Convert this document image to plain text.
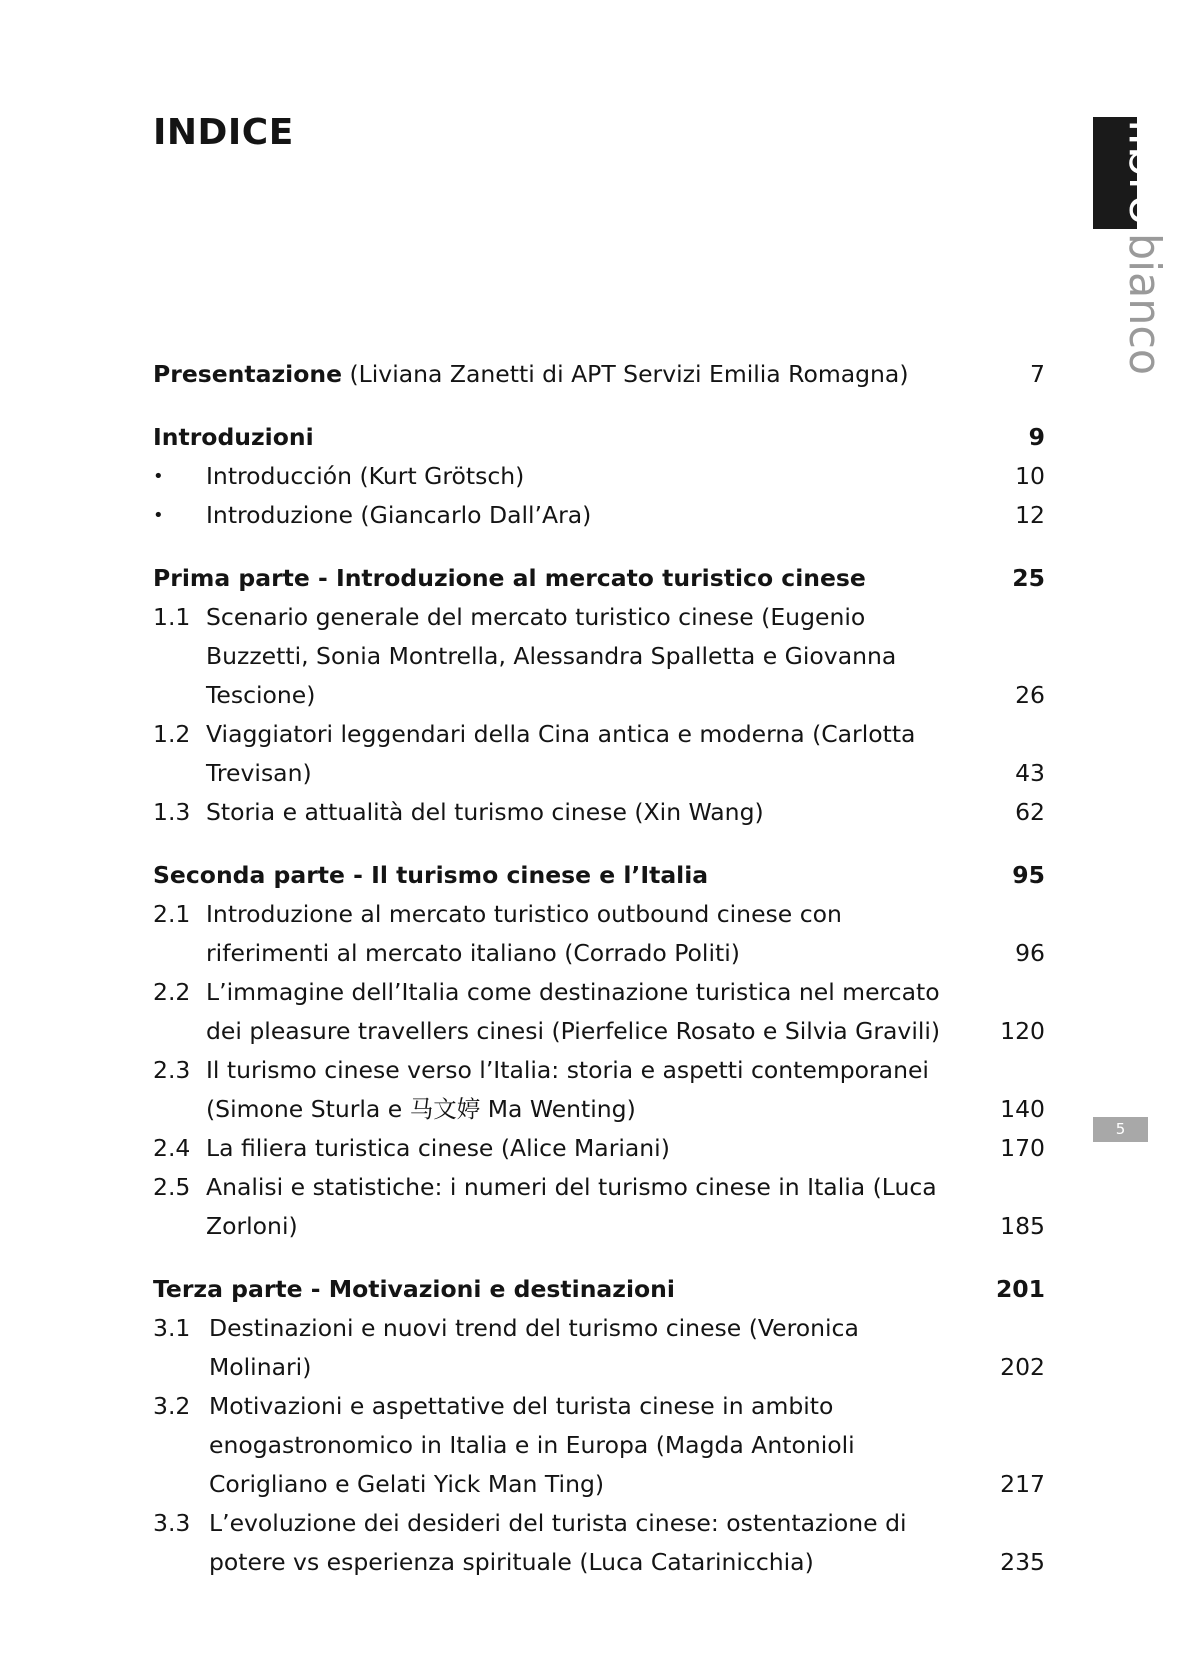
INDICE	libro
bianco
5
Presentazione (Liviana Zanetti di APT Servizi Emilia Romagna)	7
Introduzioni	9
• Introducción (Kurt Grötsch)	10
• Introduzione (Giancarlo Dall’Ara)	12
Prima parte - Introduzione al mercato turistico cinese	25
1.1 Scenario generale del mercato turistico cinese (Eugenio Buzzetti, Sonia Montrella, Alessandra Spalletta e Giovanna Tescione)	26
1.2 Viaggiatori leggendari della Cina antica e moderna (Carlotta Trevisan)	43
1.3 Storia e attualità del turismo cinese (Xin Wang)	62
Seconda parte - Il turismo cinese e l’Italia	95
2.1 Introduzione al mercato turistico outbound cinese con riferimenti al mercato italiano (Corrado Politi)	96
2.2 L’immagine dell’Italia come destinazione turistica nel mercato dei pleasure travellers cinesi (Pierfelice Rosato e Silvia Gravili)	120
2.3 Il turismo cinese verso l’Italia: storia e aspetti contemporanei (Simone Sturla e 马文婷 Ma Wenting)	140
2.4 La filiera turistica cinese (Alice Mariani)	170
2.5 Analisi e statistiche: i numeri del turismo cinese in Italia (Luca Zorloni)	185
Terza parte - Motivazioni e destinazioni	201
3.1 Destinazioni e nuovi trend del turismo cinese (Veronica Molinari)	202
3.2 Motivazioni e aspettative del turista cinese in ambito enogastronomico in Italia e in Europa (Magda Antonioli Corigliano e Gelati Yick Man Ting)	217
3.3 L’evoluzione dei desideri del turista cinese: ostentazione di potere vs esperienza spirituale (Luca Catarinicchia)	235
